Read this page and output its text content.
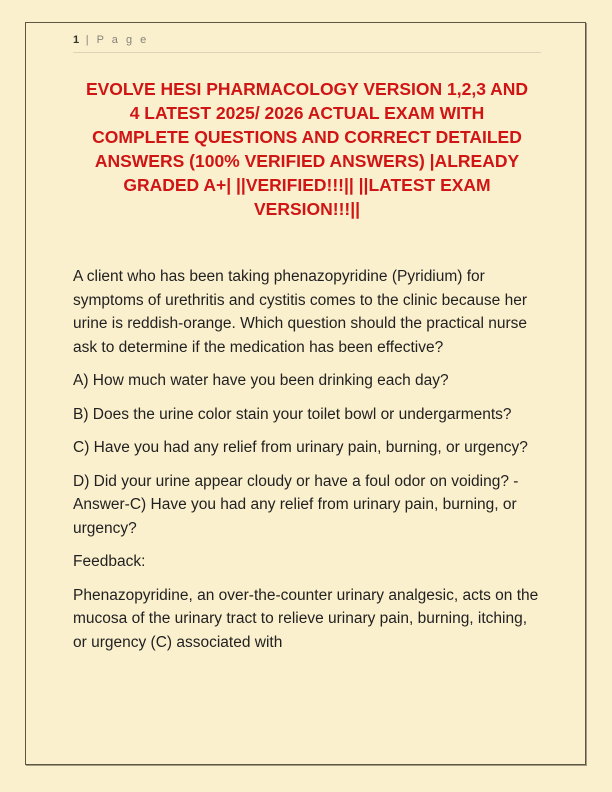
1 | P a g e
EVOLVE HESI PHARMACOLOGY VERSION 1,2,3 AND
4 LATEST 2025/ 2026 ACTUAL EXAM WITH
COMPLETE QUESTIONS AND CORRECT DETAILED
ANSWERS (100% VERIFIED ANSWERS) |ALREADY
GRADED A+| ||VERIFIED!!!|| ||LATEST EXAM
VERSION!!!||

A client who has been taking phenazopyridine (Pyridium) for symptoms of urethritis and cystitis comes to the clinic because her urine is reddish-orange. Which question should the practical nurse ask to determine if the medication has been effective?

A) How much water have you been drinking each day?

B) Does the urine color stain your toilet bowl or undergarments?

C) Have you had any relief from urinary pain, burning, or urgency?

D) Did your urine appear cloudy or have a foul odor on voiding? - Answer-C) Have you had any relief from urinary pain, burning, or urgency?

Feedback:

Phenazopyridine, an over-the-counter urinary analgesic, acts on the mucosa of the urinary tract to relieve urinary pain, burning, itching, or urgency (C) associated with
